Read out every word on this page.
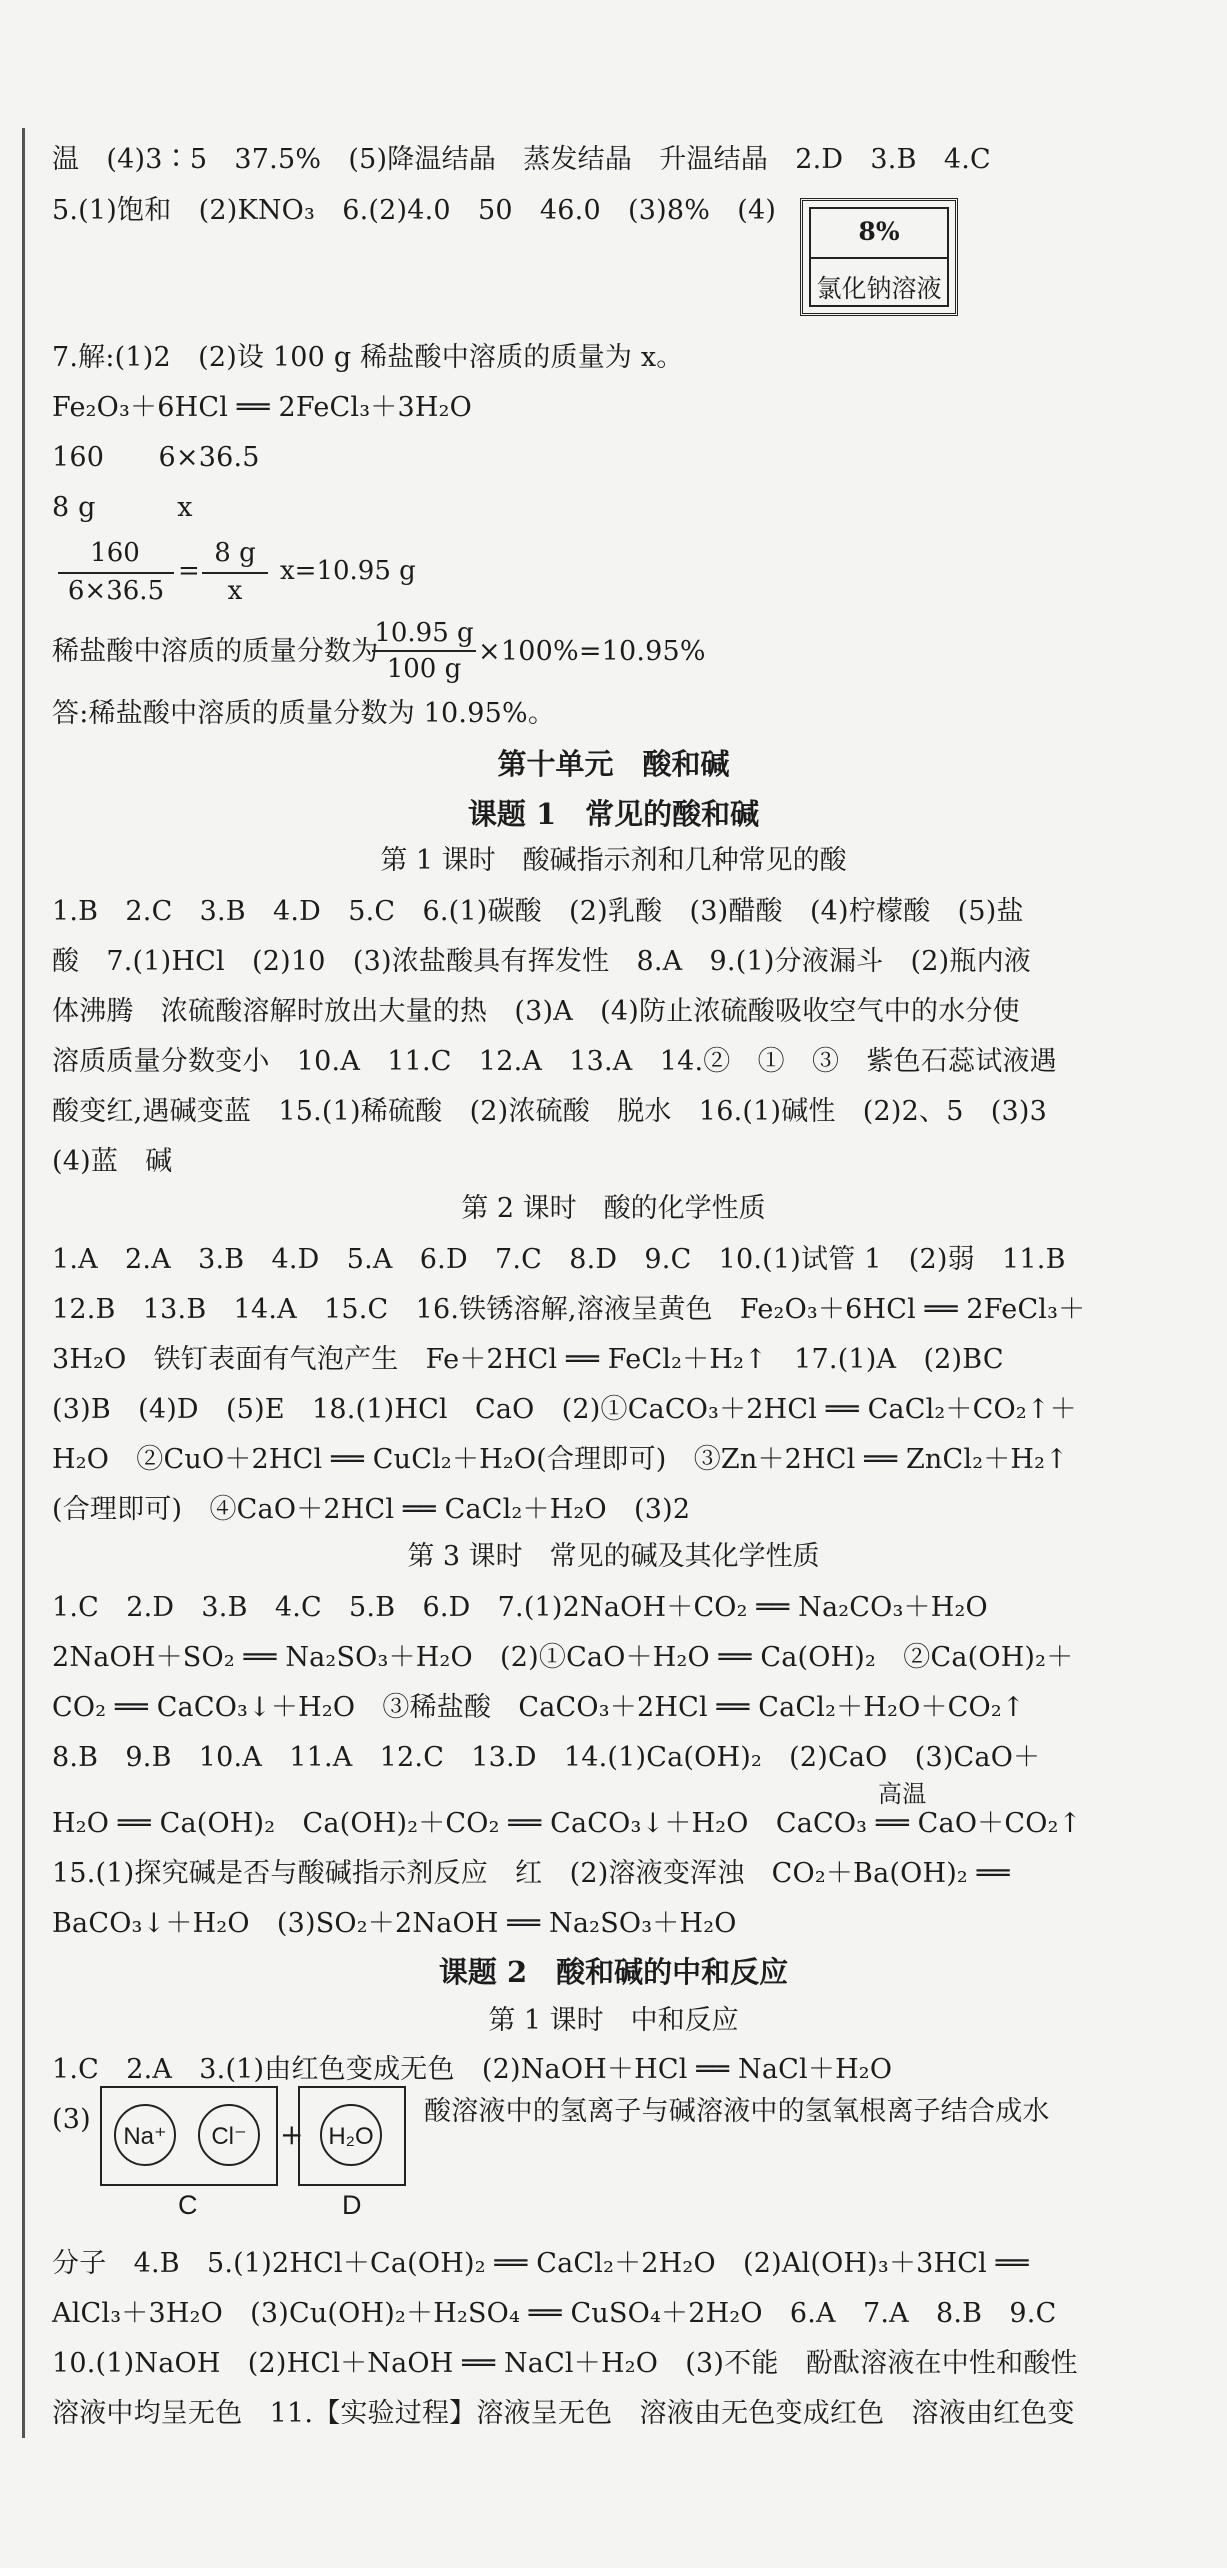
温　(4)3∶5　37.5%　(5)降温结晶　蒸发结晶　升温结晶　2.D　3.B　4.C
5.(1)饱和　(2)KNO₃　6.(2)4.0　50　46.0　(3)8%　(4)
8%
氯化钠溶液
7.解:(1)2　(2)设 100 g 稀盐酸中溶质的质量为 x。
Fe₂O₃＋6HCl ══ 2FeCl₃＋3H₂O
160　　6×36.5
8 g　　　x
160
6×36.5
=
8 g
x
x=10.95 g
稀盐酸中溶质的质量分数为
10.95 g
100 g
×100%=10.95%
答:稀盐酸中溶质的质量分数为 10.95%。
第十单元　酸和碱
课题 1　常见的酸和碱
第 1 课时　酸碱指示剂和几种常见的酸
1.B　2.C　3.B　4.D　5.C　6.(1)碳酸　(2)乳酸　(3)醋酸　(4)柠檬酸　(5)盐
酸　7.(1)HCl　(2)10　(3)浓盐酸具有挥发性　8.A　9.(1)分液漏斗　(2)瓶内液
体沸腾　浓硫酸溶解时放出大量的热　(3)A　(4)防止浓硫酸吸收空气中的水分使
溶质质量分数变小　10.A　11.C　12.A　13.A　14.②　①　③　紫色石蕊试液遇
酸变红,遇碱变蓝　15.(1)稀硫酸　(2)浓硫酸　脱水　16.(1)碱性　(2)2、5　(3)3
(4)蓝　碱
第 2 课时　酸的化学性质
1.A　2.A　3.B　4.D　5.A　6.D　7.C　8.D　9.C　10.(1)试管 1　(2)弱　11.B
12.B　13.B　14.A　15.C　16.铁锈溶解,溶液呈黄色　Fe₂O₃＋6HCl ══ 2FeCl₃＋
3H₂O　铁钉表面有气泡产生　Fe＋2HCl ══ FeCl₂＋H₂↑　17.(1)A　(2)BC
(3)B　(4)D　(5)E　18.(1)HCl　CaO　(2)①CaCO₃＋2HCl ══ CaCl₂＋CO₂↑＋
H₂O　②CuO＋2HCl ══ CuCl₂＋H₂O(合理即可)　③Zn＋2HCl ══ ZnCl₂＋H₂↑
(合理即可)　④CaO＋2HCl ══ CaCl₂＋H₂O　(3)2
第 3 课时　常见的碱及其化学性质
1.C　2.D　3.B　4.C　5.B　6.D　7.(1)2NaOH＋CO₂ ══ Na₂CO₃＋H₂O
2NaOH＋SO₂ ══ Na₂SO₃＋H₂O　(2)①CaO＋H₂O ══ Ca(OH)₂　②Ca(OH)₂＋
CO₂ ══ CaCO₃↓＋H₂O　③稀盐酸　CaCO₃＋2HCl ══ CaCl₂＋H₂O＋CO₂↑
8.B　9.B　10.A　11.A　12.C　13.D　14.(1)Ca(OH)₂　(2)CaO　(3)CaO＋
高温
H₂O ══ Ca(OH)₂　Ca(OH)₂＋CO₂ ══ CaCO₃↓＋H₂O　CaCO₃ ══ CaO＋CO₂↑
15.(1)探究碱是否与酸碱指示剂反应　红　(2)溶液变浑浊　CO₂＋Ba(OH)₂ ══
BaCO₃↓＋H₂O　(3)SO₂＋2NaOH ══ Na₂SO₃＋H₂O
课题 2　酸和碱的中和反应
第 1 课时　中和反应
1.C　2.A　3.(1)由红色变成无色　(2)NaOH＋HCl ══ NaCl＋H₂O
(3)
Na⁺	Cl⁻	+	H₂O
C	D
酸溶液中的氢离子与碱溶液中的氢氧根离子结合成水
分子　4.B　5.(1)2HCl＋Ca(OH)₂ ══ CaCl₂＋2H₂O　(2)Al(OH)₃＋3HCl ══
AlCl₃＋3H₂O　(3)Cu(OH)₂＋H₂SO₄ ══ CuSO₄＋2H₂O　6.A　7.A　8.B　9.C
10.(1)NaOH　(2)HCl＋NaOH ══ NaCl＋H₂O　(3)不能　酚酞溶液在中性和酸性
溶液中均呈无色　11.【实验过程】溶液呈无色　溶液由无色变成红色　溶液由红色变
